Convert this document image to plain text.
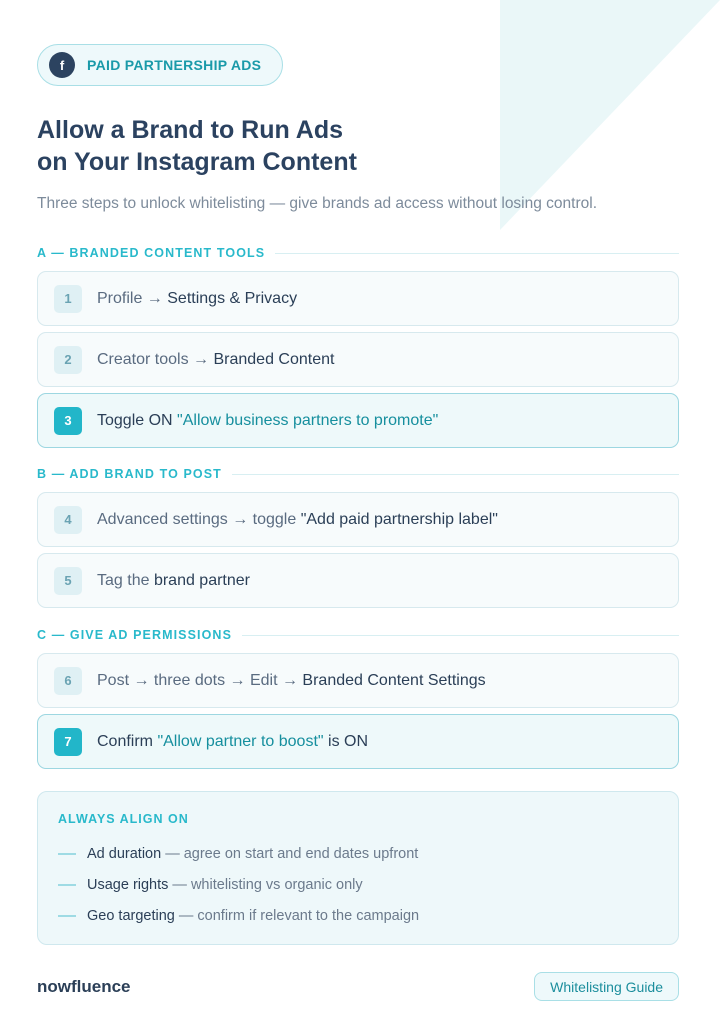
f	PAID PARTNERSHIP ADS
Allow a Brand to Run Ads
on Your Instagram Content
Three steps to unlock whitelisting — give brands ad access without losing control.
A — BRANDED CONTENT TOOLS
1	Profile → Settings & Privacy
2	Creator tools → Branded Content
3	Toggle ON "Allow business partners to promote"
B — ADD BRAND TO POST
4	Advanced settings → toggle "Add paid partnership label"
5	Tag the brand partner
C — GIVE AD PERMISSIONS
6	Post → three dots → Edit → Branded Content Settings
7	Confirm "Allow partner to boost" is ON
ALWAYS ALIGN ON
Ad duration — agree on start and end dates upfront
Usage rights — whitelisting vs organic only
Geo targeting — confirm if relevant to the campaign
nowfluence	Whitelisting Guide
